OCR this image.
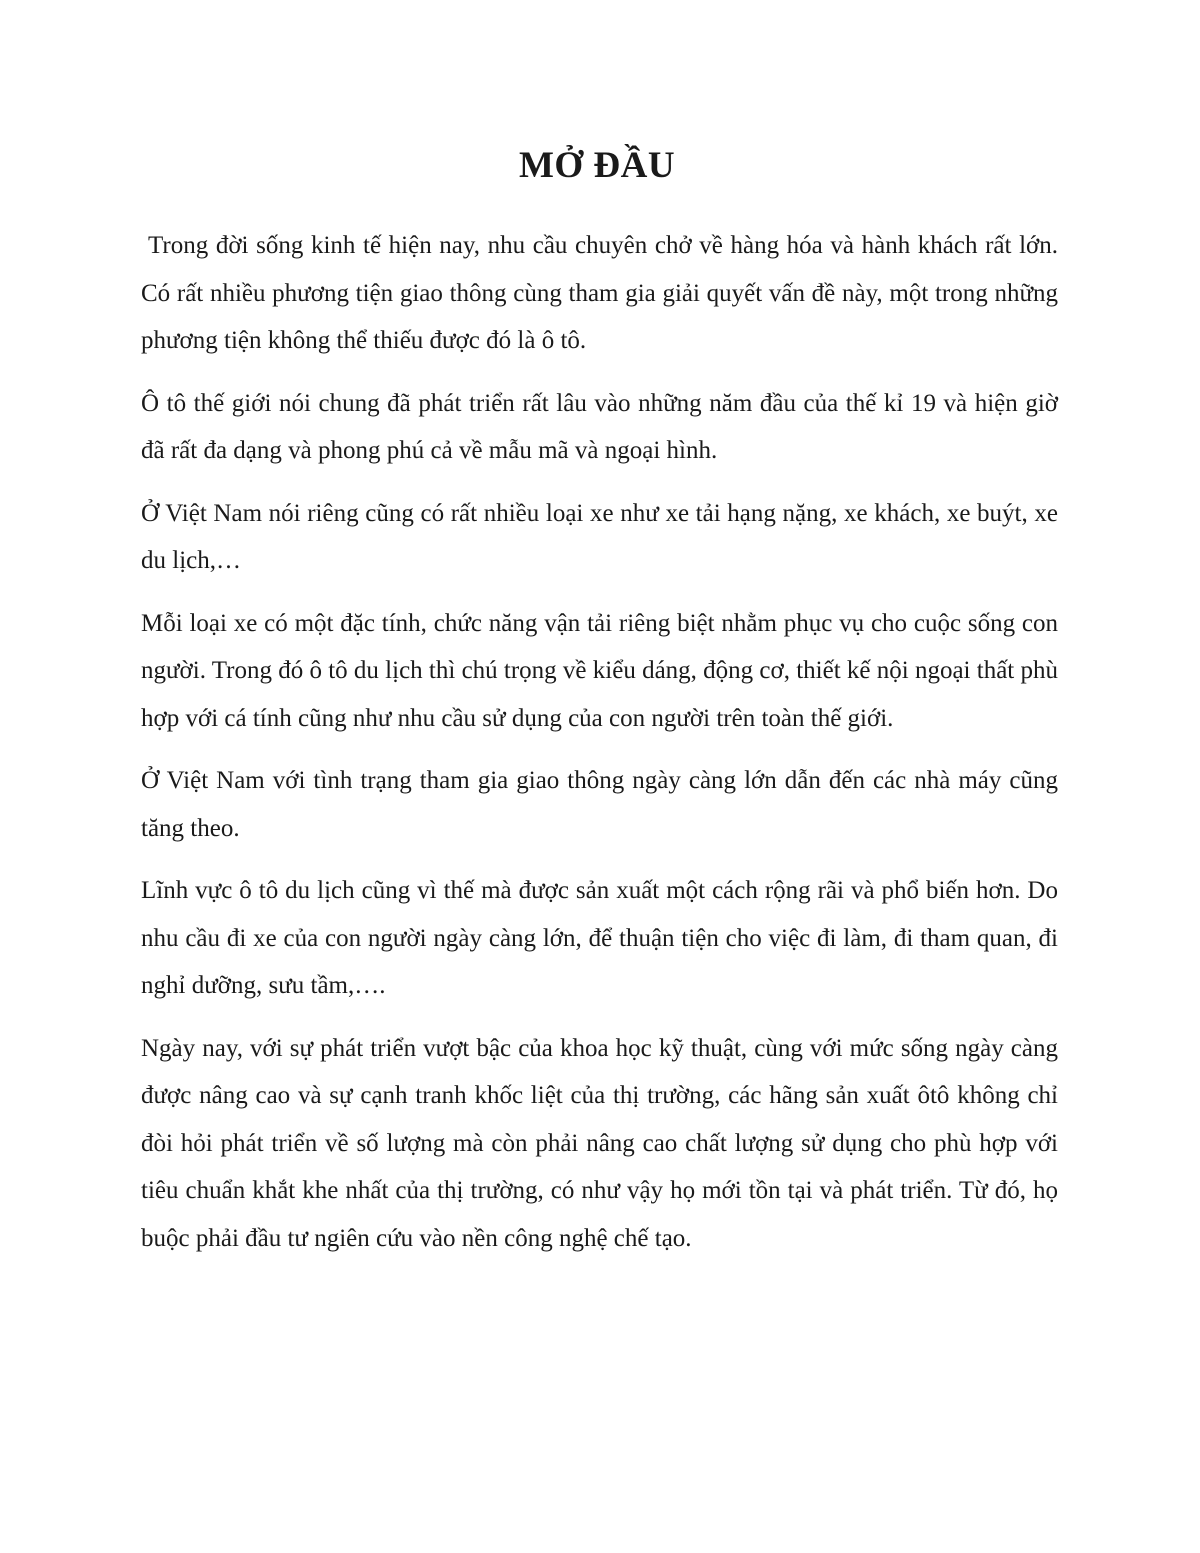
MỞ ĐẦU

Trong đời sống kinh tế hiện nay, nhu cầu chuyên chở về hàng hóa và hành khách rất lớn. Có rất nhiều phương tiện giao thông cùng tham gia giải quyết vấn đề này, một trong những phương tiện không thể thiếu được đó là ô tô.

Ô tô thế giới nói chung đã phát triển rất lâu vào những năm đầu của thế kỉ 19 và hiện giờ đã rất đa dạng và phong phú cả về mẫu mã và ngoại hình.

Ở Việt Nam nói riêng cũng có rất nhiều loại xe như xe tải hạng nặng, xe khách, xe buýt, xe du lịch,…

Mỗi loại xe có một đặc tính, chức năng vận tải riêng biệt nhằm phục vụ cho cuộc sống con người. Trong đó ô tô du lịch thì chú trọng về kiểu dáng, động cơ, thiết kế nội ngoại thất phù hợp với cá tính cũng như nhu cầu sử dụng của con người trên toàn thế giới.

Ở Việt Nam với tình trạng tham gia giao thông ngày càng lớn dẫn đến các nhà máy cũng tăng theo.

Lĩnh vực ô tô du lịch cũng vì thế mà được sản xuất một cách rộng rãi và phổ biến hơn. Do nhu cầu đi xe của con người ngày càng lớn, để thuận tiện cho việc đi làm, đi tham quan, đi nghỉ dưỡng, sưu tầm,….

Ngày nay, với sự phát triển vượt bậc của khoa học kỹ thuật, cùng với mức sống ngày càng được nâng cao và sự cạnh tranh khốc liệt của thị trường, các hãng sản xuất ôtô không chỉ đòi hỏi phát triển về số lượng mà còn phải nâng cao chất lượng sử dụng cho phù hợp với tiêu chuẩn khắt khe nhất của thị trường, có như vậy họ mới tồn tại và phát triển. Từ đó, họ buộc phải đầu tư ngiên cứu vào nền công nghệ chế tạo.
